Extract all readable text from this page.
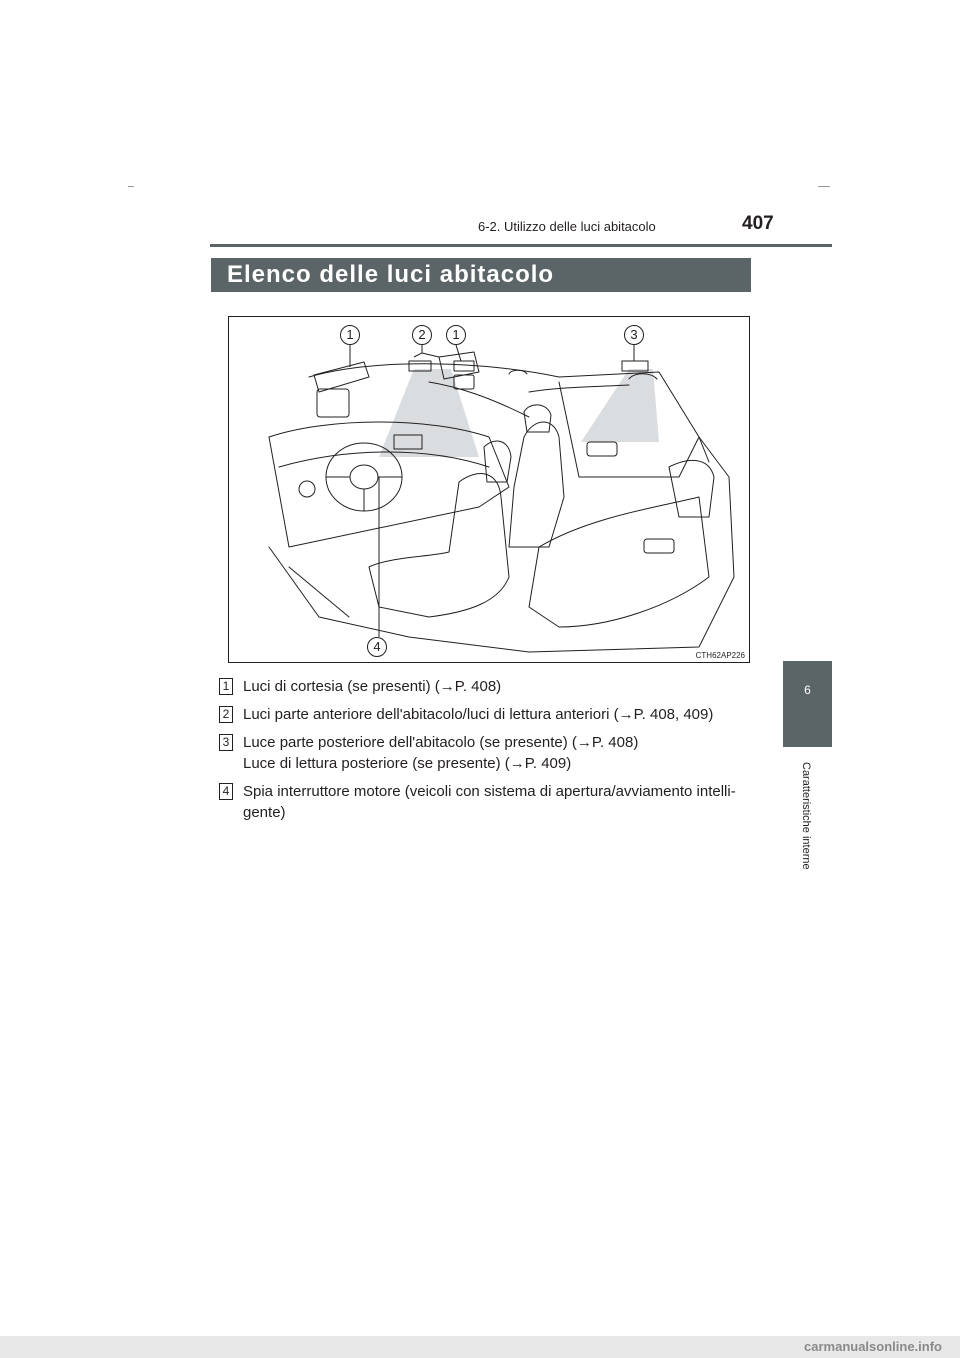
6-2. Utilizzo delle luci abitacolo	407
Elenco delle luci abitacolo
6
Caratteristiche interne
1	2	1	3
4
CTH62AP226
1 Luci di cortesia (se presenti) (→P. 408)
2 Luci parte anteriore dell'abitacolo/luci di lettura anteriori (→P. 408, 409)
3 Luce parte posteriore dell'abitacolo (se presente) (→P. 408)
Luce di lettura posteriore (se presente) (→P. 409)
4 Spia interruttore motore (veicoli con sistema di apertura/avviamento intelli-
gente)
carmanualsonline.info
